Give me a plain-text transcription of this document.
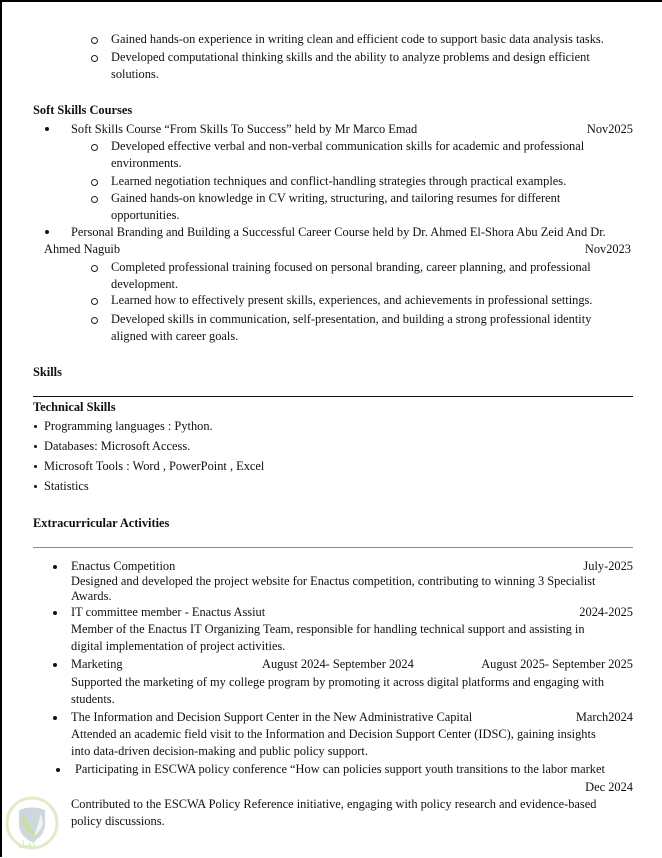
Gained hands-on experience in writing clean and efficient code to support basic data analysis tasks.
Developed computational thinking skills and the ability to analyze problems and design efficient
solutions.
Soft Skills Courses
Soft Skills Course “From Skills To Success” held by Mr Marco Emad	Nov2025
Developed effective verbal and non-verbal communication skills for academic and professional
environments.
Learned negotiation techniques and conflict-handling strategies through practical examples.
Gained hands-on knowledge in CV writing, structuring, and tailoring resumes for different
opportunities.
Personal Branding and Building a Successful Career Course held by Dr. Ahmed El-Shora Abu Zeid And Dr.
Ahmed Naguib	Nov2023
Completed professional training focused on personal branding, career planning, and professional
development.
Learned how to effectively present skills, experiences, and achievements in professional settings.
Developed skills in communication, self-presentation, and building a strong professional identity
aligned with career goals.
Skills
Technical Skills
Programming languages : Python.
Databases: Microsoft Access.
Microsoft Tools : Word , PowerPoint , Excel
Statistics
Extracurricular Activities
Enactus Competition	July-2025
Designed and developed the project website for Enactus competition, contributing to winning 3 Specialist
Awards.
IT committee member - Enactus Assiut	2024-2025
Member of the Enactus IT Organizing Team, responsible for handling technical support and assisting in
digital implementation of project activities.
Marketing	August 2024- September 2024	August 2025- September 2025
Supported the marketing of my college program by promoting it across digital platforms and engaging with
students.
The Information and Decision Support Center in the New Administrative Capital	March2024
Attended an academic field visit to the Information and Decision Support Center (IDSC), gaining insights
into data-driven decision-making and public policy support.
Participating in ESCWA policy conference “How can policies support youth transitions to the labor market
Dec 2024
Contributed to the ESCWA Policy Reference initiative, engaging with policy research and evidence-based
policy discussions.
كفيل
